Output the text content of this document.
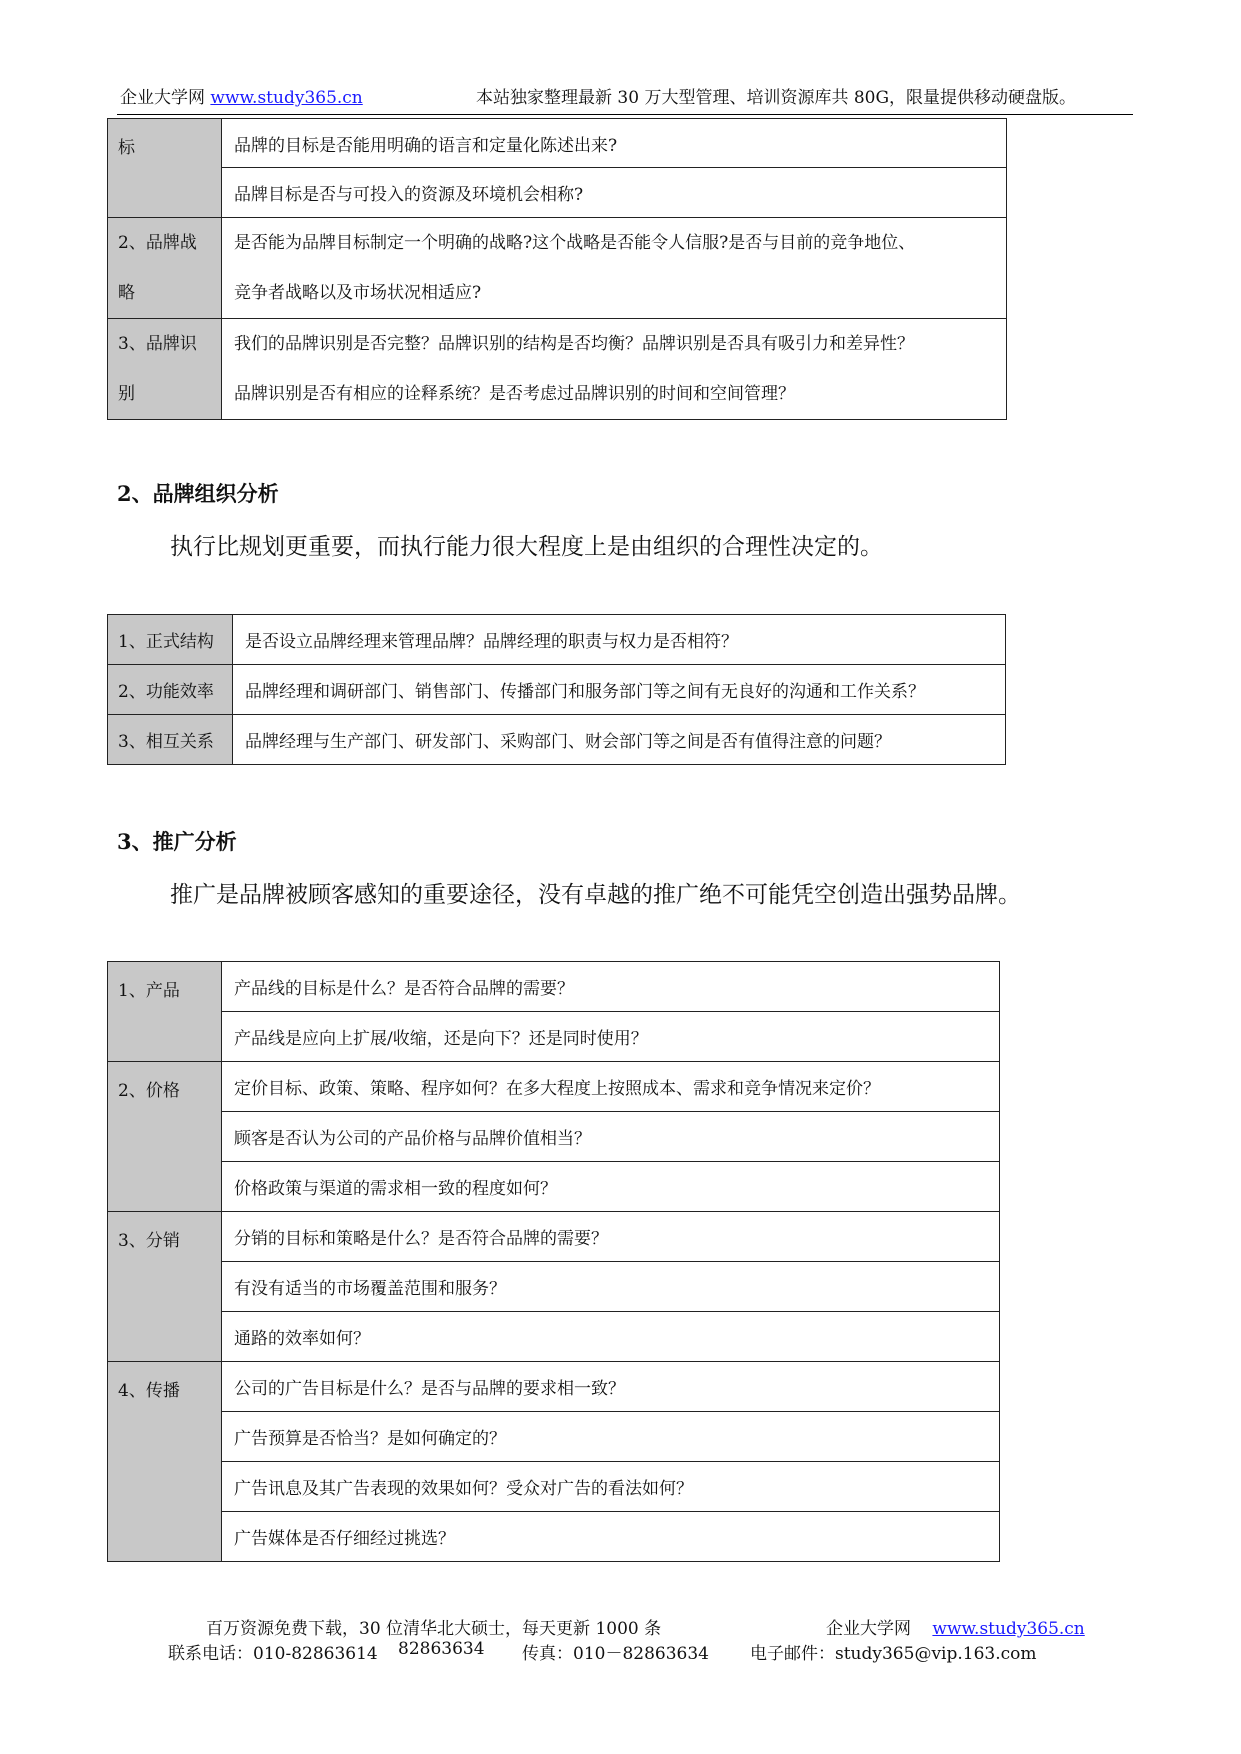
企业大学网 www.study365.cn	本站独家整理最新 30 万大型管理、培训资源库共 80G，限量提供移动硬盘版。
标	品牌的目标是否能用明确的语言和定量化陈述出来?
	品牌目标是否与可投入的资源及环境机会相称?

2、品牌战
略	是否能为品牌目标制定一个明确的战略?这个战略是否能令人信服?是否与目前的竞争地位、
竞争者战略以及市场状况相适应?

3、品牌识
别	我们的品牌识别是否完整？品牌识别的结构是否均衡？品牌识别是否具有吸引力和差异性？
品牌识别是否有相应的诠释系统？是否考虑过品牌识别的时间和空间管理？
2、品牌组织分析
执行比规划更重要，而执行能力很大程度上是由组织的合理性决定的。
1、正式结构	是否设立品牌经理来管理品牌？品牌经理的职责与权力是否相符？
2、功能效率	品牌经理和调研部门、销售部门、传播部门和服务部门等之间有无良好的沟通和工作关系？
3、相互关系	品牌经理与生产部门、研发部门、采购部门、财会部门等之间是否有值得注意的问题？
3、推广分析
推广是品牌被顾客感知的重要途径，没有卓越的推广绝不可能凭空创造出强势品牌。
1、产品	产品线的目标是什么？是否符合品牌的需要？
	产品线是应向上扩展/收缩，还是向下？还是同时使用？
2、价格	定价目标、政策、策略、程序如何？在多大程度上按照成本、需求和竞争情况来定价？
	顾客是否认为公司的产品价格与品牌价值相当？
	价格政策与渠道的需求相一致的程度如何？
3、分销	分销的目标和策略是什么？是否符合品牌的需要？
	有没有适当的市场覆盖范围和服务？
	通路的效率如何？
4、传播	公司的广告目标是什么？是否与品牌的要求相一致？
	广告预算是否恰当？是如何确定的？
	广告讯息及其广告表现的效果如何？受众对广告的看法如何？
	广告媒体是否仔细经过挑选？
百万资源免费下载，30 位清华北大硕士，每天更新 1000 条	企业大学网 www.study365.cn
联系电话：010-82863614 82863634 传真：010－82863634 电子邮件：study365@vip.163.com
